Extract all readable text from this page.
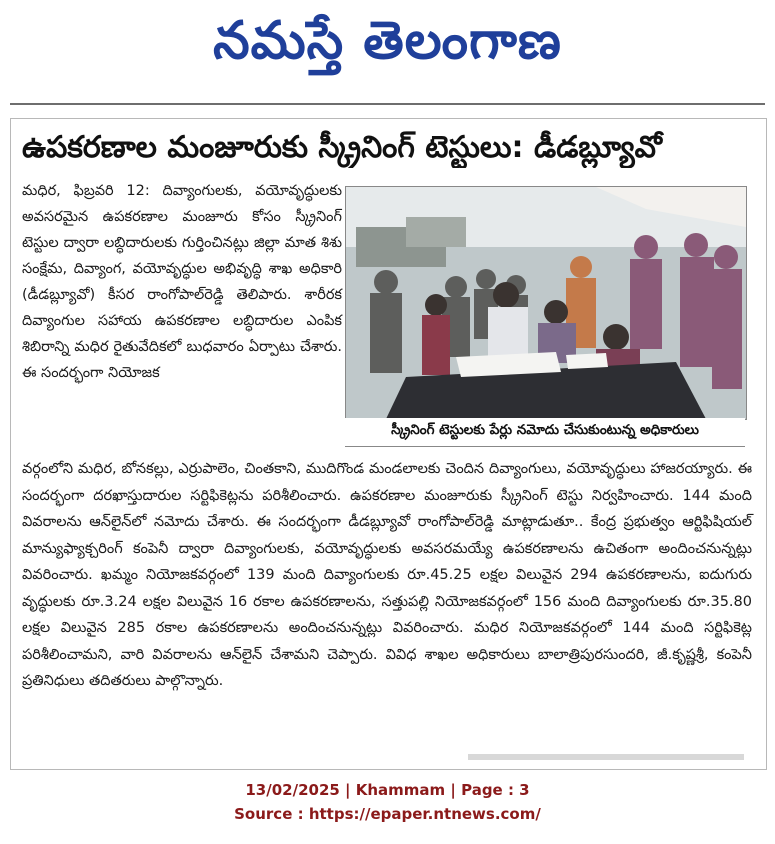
నమస్తే తెలంగాణ
ఉపకరణాల మంజూరుకు స్క్రీనింగ్ టెస్టులు: డీడబ్ల్యూవో
మధిర, ఫిబ్రవరి 12: దివ్యాంగులకు, వయోవృద్ధులకు అవసరమైన ఉపకరణాల మంజూరు కోసం స్క్రీనింగ్ టెస్టుల ద్వారా లబ్ధిదారులకు గుర్తించినట్లు జిల్లా మాత శిశు సంక్షేమ, దివ్యాంగ, వయోవృద్ధుల అభివృద్ధి శాఖ అధికారి (డీడబ్ల్యూవో) కీసర రాంగోపాల్‌రెడ్డి తెలిపారు. శారీరక దివ్యాంగుల సహాయ ఉపకరణాల లబ్ధిదారుల ఎంపిక శిబిరాన్ని మధిర రైతువేదికలో బుధవారం ఏర్పాటు చేశారు. ఈ సందర్భంగా నియోజక
స్క్రీనింగ్ టెస్టులకు పేర్లు నమోదు చేసుకుంటున్న అధికారులు
వర్గంలోని మధిర, బోనకల్లు, ఎర్రుపాలెం, చింతకాని, ముదిగొండ మండలాలకు చెందిన దివ్యాంగులు, వయోవృద్ధులు హాజరయ్యారు. ఈ సందర్భంగా దరఖాస్తుదారుల సర్టిఫికెట్లను పరిశీలించారు. ఉపకరణాల మంజూరుకు స్క్రీనింగ్ టెస్టు నిర్వహించారు. 144 మంది వివరాలను ఆన్‌లైన్‌లో నమోదు చేశారు. ఈ సందర్భంగా డీడబ్ల్యూవో రాంగోపాల్‌రెడ్డి మాట్లాడుతూ.. కేంద్ర ప్రభుత్వం ఆర్టిఫిషియల్ మాన్యుఫ్యాక్చరింగ్ కంపెనీ ద్వారా దివ్యాంగులకు, వయోవృద్ధులకు అవసరమయ్యే ఉపకరణాలను ఉచితంగా అందించనున్నట్లు వివరించారు. ఖమ్మం నియోజకవర్గంలో 139 మంది దివ్యాంగులకు రూ.45.25 లక్షల విలువైన 294 ఉపకరణాలను, ఐదుగురు వృద్ధులకు రూ.3.24 లక్షల విలువైన 16 రకాల ఉపకరణాలను, సత్తుపల్లి నియోజకవర్గంలో 156 మంది దివ్యాంగులకు రూ.35.80 లక్షల విలువైన 285 రకాల ఉపకరణాలను అందించనున్నట్లు వివరించారు. మధిర నియోజకవర్గంలో 144 మంది సర్టిఫికెట్ల పరిశీలించామని, వారి వివరాలను ఆన్‌లైన్ చేశామని చెప్పారు. వివిధ శాఖల అధికారులు బాలాత్రిపురసుందరి, జీ.కృష్ణశ్రీ, కంపెనీ ప్రతినిధులు తదితరులు పాల్గొన్నారు.
13/02/2025 | Khammam | Page : 3
Source : https://epaper.ntnews.com/
